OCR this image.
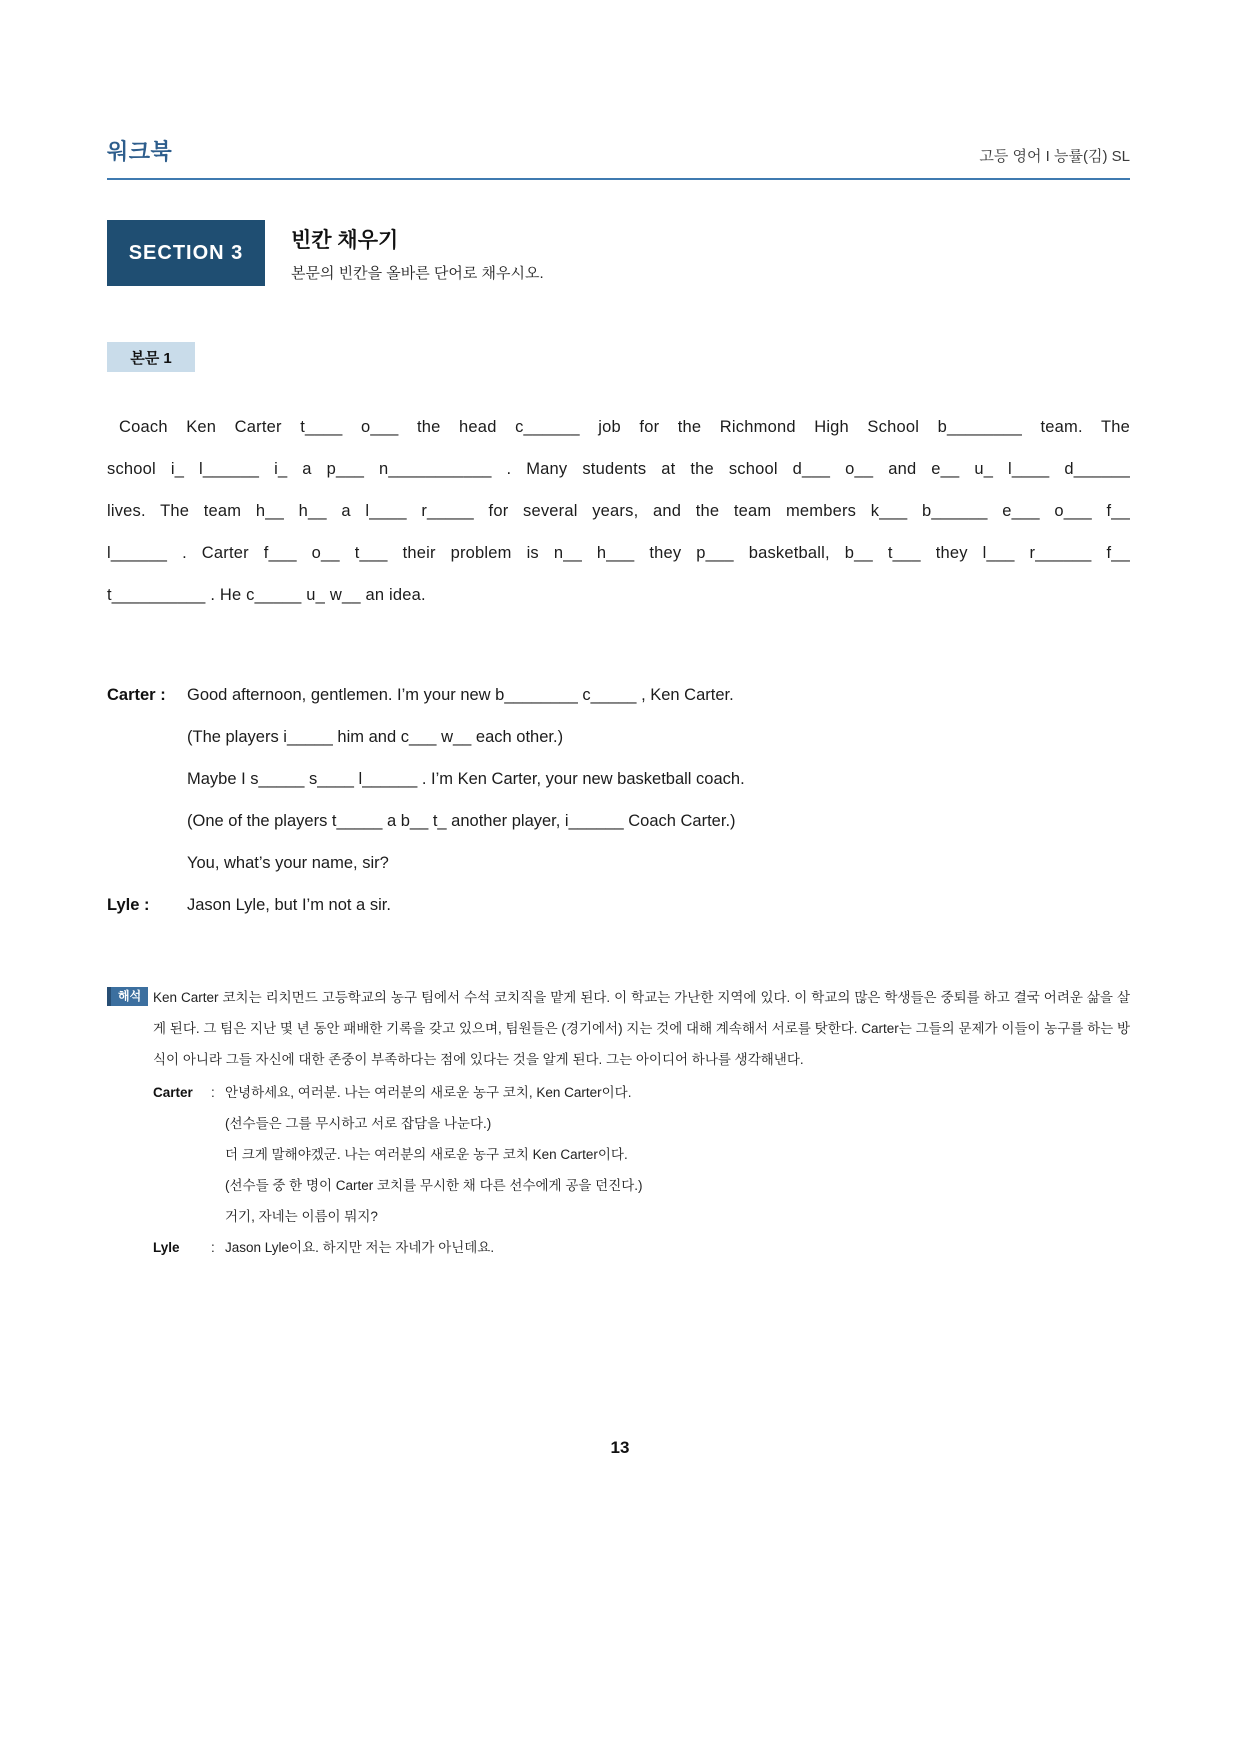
워크북	고등 영어 I 능률(김) SL
SECTION 3
빈칸 채우기
본문의 빈칸을 올바른 단어로 채우시오.
본문 1
Coach Ken Carter t____ o___ the head c______ job for the Richmond High School b________ team. The
school i_ l______ i_ a p___ n___________ . Many students at the school d___ o__ and e__ u_ l____ d______
lives. The team h__ h__ a l____ r_____ for several years, and the team members k___ b______ e___ o___ f__
l______ . Carter f___ o__ t___ their problem is n__ h___ they p___ basketball, b__ t___ they l___ r______ f__
t__________ . He c_____ u_ w__ an idea.
Carter :	Good afternoon, gentlemen. I’m your new b________ c_____ , Ken Carter.
(The players i_____ him and c___ w__ each other.)
Maybe I s_____ s____ l______ . I’m Ken Carter, your new basketball coach.
(One of the players t_____ a b__ t_ another player, i______ Coach Carter.)
You, what’s your name, sir?
Lyle :	Jason Lyle, but I’m not a sir.
해석 Ken Carter 코치는 리치먼드 고등학교의 농구 팀에서 수석 코치직을 맡게 된다. 이 학교는 가난한 지역에 있다. 이 학교의 많은 학생들은 중퇴를 하고 결국 어려운 삶을 살게 된다. 그 팀은 지난 몇 년 동안 패배한 기록을 갖고 있으며, 팀원들은 (경기에서) 지는 것에 대해 계속해서 서로를 탓한다. Carter는 그들의 문제가 이들이 농구를 하는 방식이 아니라 그들 자신에 대한 존중이 부족하다는 점에 있다는 것을 알게 된다. 그는 아이디어 하나를 생각해낸다.
Carter	: 안녕하세요, 여러분. 나는 여러분의 새로운 농구 코치, Ken Carter이다.
(선수들은 그를 무시하고 서로 잡담을 나눈다.)
더 크게 말해야겠군. 나는 여러분의 새로운 농구 코치 Ken Carter이다.
(선수들 중 한 명이 Carter 코치를 무시한 채 다른 선수에게 공을 던진다.)
거기, 자네는 이름이 뭐지?
Lyle	: Jason Lyle이요. 하지만 저는 자네가 아닌데요.
13
